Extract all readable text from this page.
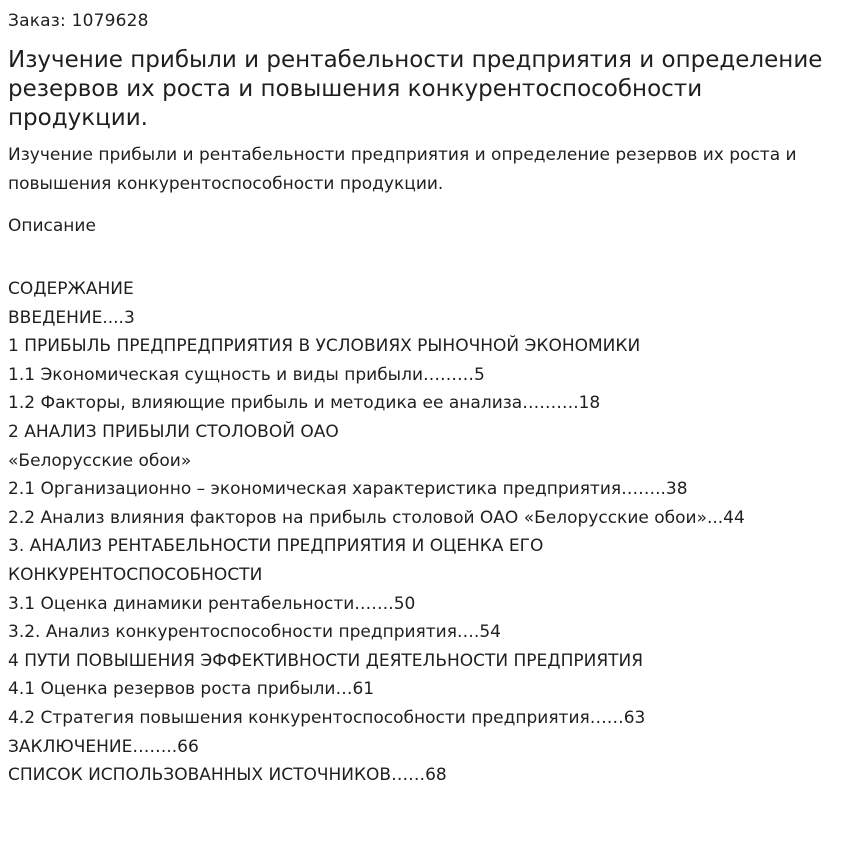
Заказ: 1079628

Изучение прибыли и рентабельности предприятия и определение резервов их роста и повышения конкурентоспособности продукции.

Изучение прибыли и рентабельности предприятия и определение резервов их роста и повышения конкурентоспособности продукции.

Описание
СОДЕРЖАНИЕ
ВВЕДЕНИЕ....3
1 ПРИБЫЛЬ ПРЕДПРЕДПРИЯТИЯ В УСЛОВИЯХ РЫНОЧНОЙ ЭКОНОМИКИ
1.1 Экономическая сущность и виды прибыли………5
1.2 Факторы, влияющие прибыль и методика ее анализа……….18
2 АНАЛИЗ ПРИБЫЛИ СТОЛОВОЙ ОАО
«Белорусские обои»
2.1 Организационно – экономическая характеристика предприятия……..38
2.2 Анализ влияния факторов на прибыль столовой ОАО «Белорусские обои»...44
3. АНАЛИЗ РЕНТАБЕЛЬНОСТИ ПРЕДПРИЯТИЯ И ОЦЕНКА ЕГО КОНКУРЕНТОСПОСОБНОСТИ
3.1 Оценка динамики рентабельности…….50
3.2. Анализ конкурентоспособности предприятия….54
4 ПУТИ ПОВЫШЕНИЯ ЭФФЕКТИВНОСТИ ДЕЯТЕЛЬНОСТИ ПРЕДПРИЯТИЯ
4.1 Оценка резервов роста прибыли…61
4.2 Стратегия повышения конкурентоспособности предприятия……63
ЗАКЛЮЧЕНИЕ……..66
СПИСОК ИСПОЛЬЗОВАННЫХ ИСТОЧНИКОВ……68
